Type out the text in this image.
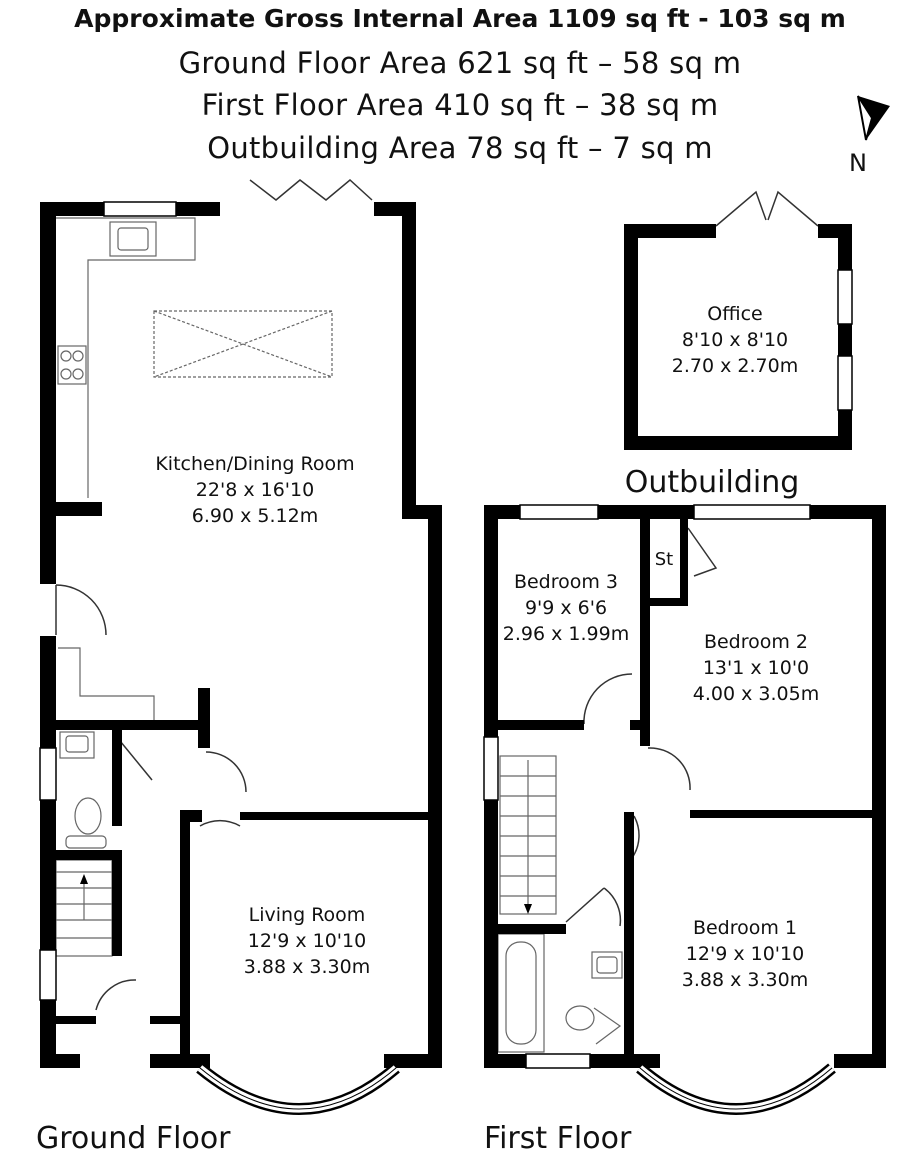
Approximate Gross Internal Area 1109 sq ft - 103 sq m
Ground Floor Area 621 sq ft – 58 sq m
First Floor Area 410 sq ft – 38 sq m
Outbuilding Area 78 sq ft – 7 sq m	N
Kitchen/Dining Room
22'8 x 16'10
6.90 x 5.12m
Living Room
12'9 x 10'10
3.88 x 3.30m
Ground Floor
Office
8'10 x 8'10
2.70 x 2.70m
Outbuilding
Bedroom 3
9'9 x 6'6
2.96 x 1.99m
St
Bedroom 2
13'1 x 10'0
4.00 x 3.05m
Bedroom 1
12'9 x 10'10
3.88 x 3.30m
First Floor
